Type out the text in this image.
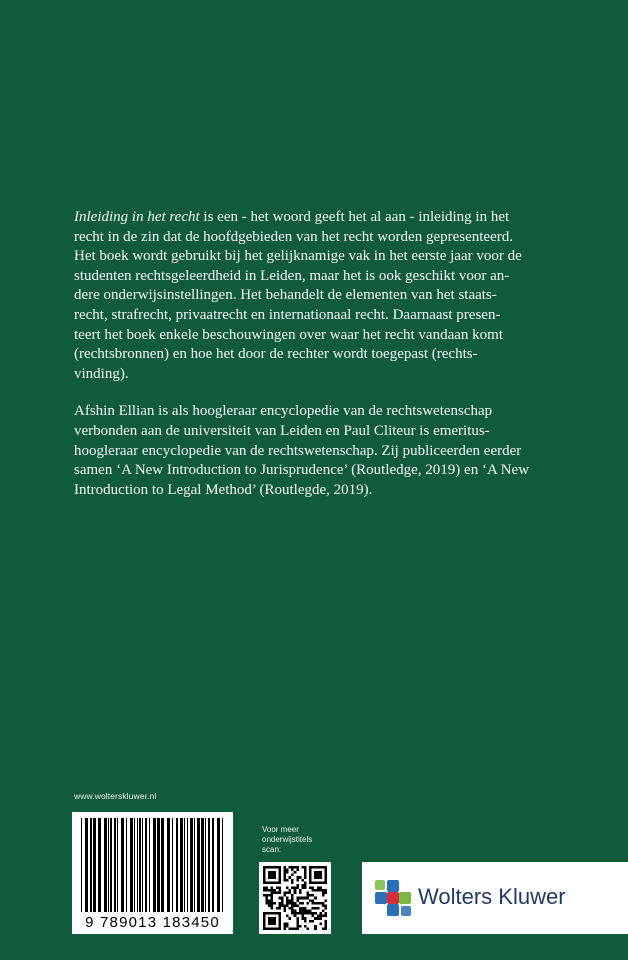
Inleiding in het recht is een - het woord geeft het al aan - inleiding in het
recht in de zin dat de hoofdgebieden van het recht worden gepresenteerd.
Het boek wordt gebruikt bij het gelijknamige vak in het eerste jaar voor de
studenten rechtsgeleerdheid in Leiden, maar het is ook geschikt voor an-
dere onderwijsinstellingen. Het behandelt de elementen van het staats-
recht, strafrecht, privaatrecht en internationaal recht. Daarnaast presen-
teert het boek enkele beschouwingen over waar het recht vandaan komt
(rechtsbronnen) en hoe het door de rechter wordt toegepast (rechts-
vinding).

Afshin Ellian is als hoogleraar encyclopedie van de rechtswetenschap
verbonden aan de universiteit van Leiden en Paul Cliteur is emeritus-
hoogleraar encyclopedie van de rechtswetenschap. Zij publiceerden eerder
samen ‘A New Introduction to Jurisprudence’ (Routledge, 2019) en ‘A New
Introduction to Legal Method’ (Routlegde, 2019).

www.wolterskluwer.nl
9 789013 183450
Voor meer
onderwijstitels
scan:
Wolters Kluwer
